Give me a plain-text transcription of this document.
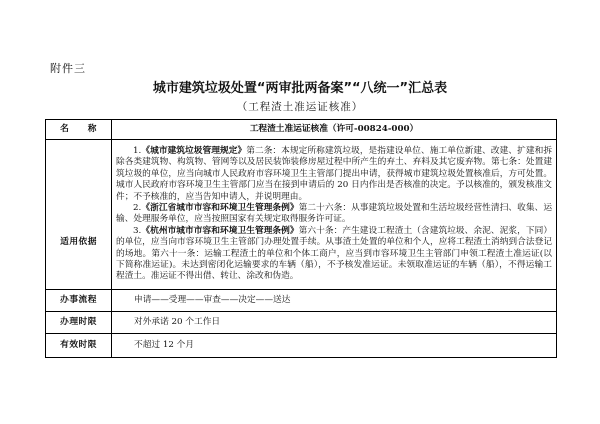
附件三
城市建筑垃圾处置“两审批两备案”“八统一”汇总表
（工程渣土准运证核准）
名　　称	工程渣土准运证核准（许可-00824-000）
适用依据	1.《城市建筑垃圾管理规定》第二条：本规定所称建筑垃圾，是指建设单位、施工单位新建、改建、扩建和拆除各类建筑物、构筑物、管网等以及居民装饰装修房屋过程中所产生的弃土、弃料及其它废弃物。第七条：处置建筑垃圾的单位，应当向城市人民政府市容环境卫生主管部门提出申请，获得城市建筑垃圾处置核准后，方可处置。城市人民政府市容环境卫生主管部门应当在接到申请后的 20 日内作出是否核准的决定。予以核准的，颁发核准文件；不予核准的，应当告知申请人，并说明理由。

2.《浙江省城市市容和环境卫生管理条例》第二十六条：从事建筑垃圾处置和生活垃圾经营性清扫、收集、运输、处理服务单位，应当按照国家有关规定取得服务许可证。

3.《杭州市城市市容和环境卫生管理条例》第六十条：产生建设工程渣土（含建筑垃圾、余泥、泥浆，下同）的单位，应当向市容环境卫生主管部门办理处置手续。从事渣土处置的单位和个人，应将工程渣土消纳到合法登记的场地。第六十一条：运输工程渣土的单位和个体工商户，应当到市容环境卫生主管部门申领工程渣土准运证(以下简称准运证)。未达到密闭化运输要求的车辆（船），不予核发准运证。未领取准运证的车辆（船），不得运输工程渣土。准运证不得出借、转让、涂改和伪造。

办事流程	申请——受理——审查——决定——送达
办理时限	对外承诺 20 个工作日
有效时限	不超过 12 个月
